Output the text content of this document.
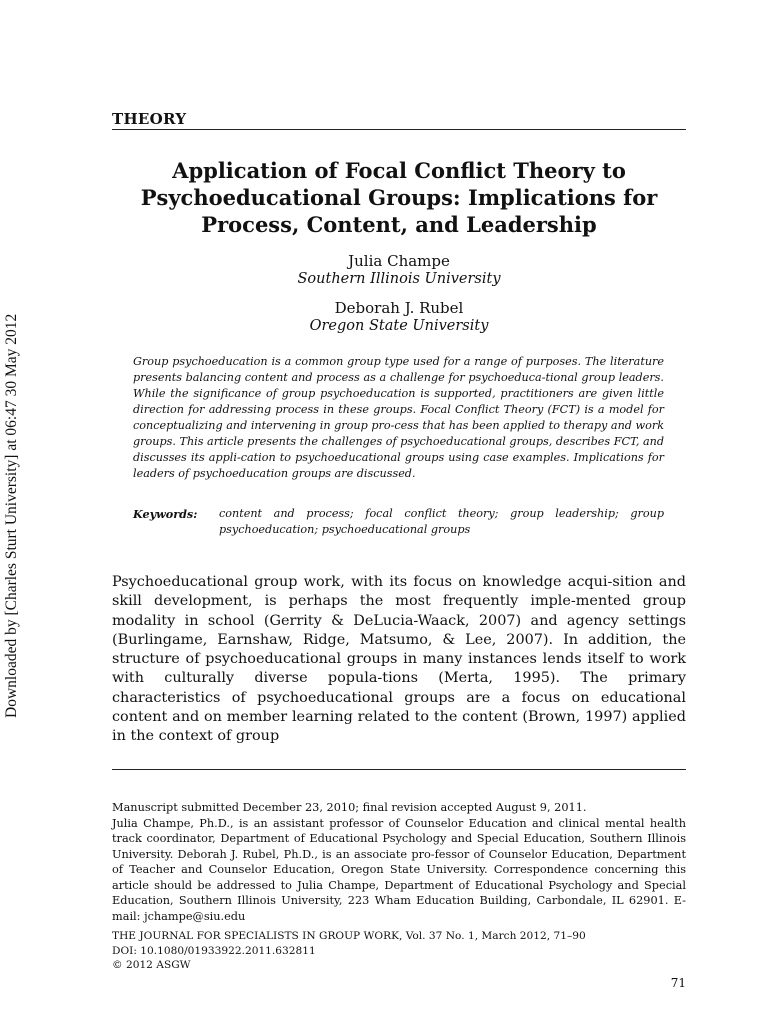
Downloaded by [Charles Sturt University] at 06:47 30 May 2012
THEORY
Application of Focal Conflict Theory to Psychoeducational Groups: Implications for Process, Content, and Leadership
Julia Champe
Southern Illinois University
Deborah J. Rubel
Oregon State University
Group psychoeducation is a common group type used for a range of purposes. The literature presents balancing content and process as a challenge for psychoeduca-tional group leaders. While the significance of group psychoeducation is supported, practitioners are given little direction for addressing process in these groups. Focal Conflict Theory (FCT) is a model for conceptualizing and intervening in group pro-cess that has been applied to therapy and work groups. This article presents the challenges of psychoeducational groups, describes FCT, and discusses its appli-cation to psychoeducational groups using case examples. Implications for leaders of psychoeducation groups are discussed.
Keywords:	content and process; focal conflict theory; group leadership; group psychoeducation; psychoeducational groups
Psychoeducational group work, with its focus on knowledge acqui-sition and skill development, is perhaps the most frequently imple-mented group modality in school (Gerrity & DeLucia-Waack, 2007) and agency settings (Burlingame, Earnshaw, Ridge, Matsumo, & Lee, 2007). In addition, the structure of psychoeducational groups in many instances lends itself to work with culturally diverse popula-tions (Merta, 1995). The primary characteristics of psychoeducational groups are a focus on educational content and on member learning related to the content (Brown, 1997) applied in the context of group
Manuscript submitted December 23, 2010; final revision accepted August 9, 2011.
Julia Champe, Ph.D., is an assistant professor of Counselor Education and clinical mental health track coordinator, Department of Educational Psychology and Special Education, Southern Illinois University. Deborah J. Rubel, Ph.D., is an associate pro-fessor of Counselor Education, Department of Teacher and Counselor Education, Oregon State University. Correspondence concerning this article should be addressed to Julia Champe, Department of Educational Psychology and Special Education, Southern Illinois University, 223 Wham Education Building, Carbondale, IL 62901. E-mail: jchampe@siu.edu
THE JOURNAL FOR SPECIALISTS IN GROUP WORK, Vol. 37 No. 1, March 2012, 71–90
DOI: 10.1080/01933922.2011.632811
© 2012 ASGW
71
